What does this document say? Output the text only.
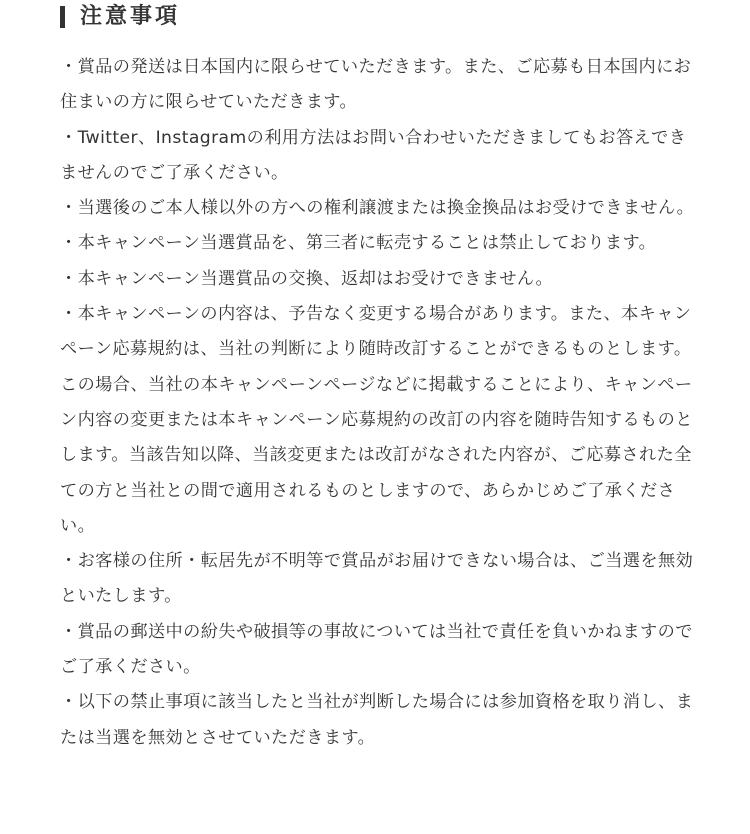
注意事項
・賞品の発送は日本国内に限らせていただきます。また、ご応募も日本国内にお住まいの方に限らせていただきます。
・Twitter、Instagramの利用方法はお問い合わせいただきましてもお答えできませんのでご了承ください。
・当選後のご本人様以外の方への権利譲渡または換金換品はお受けできません。
・本キャンペーン当選賞品を、第三者に転売することは禁止しております。
・本キャンペーン当選賞品の交換、返却はお受けできません。
・本キャンペーンの内容は、予告なく変更する場合があります。また、本キャンペーン応募規約は、当社の判断により随時改訂することができるものとします。この場合、当社の本キャンペーンページなどに掲載することにより、キャンペーン内容の変更または本キャンペーン応募規約の改訂の内容を随時告知するものとします。当該告知以降、当該変更または改訂がなされた内容が、ご応募された全ての方と当社との間で適用されるものとしますので、あらかじめご了承ください。
・お客様の住所・転居先が不明等で賞品がお届けできない場合は、ご当選を無効といたします。
・賞品の郵送中の紛失や破損等の事故については当社で責任を負いかねますのでご了承ください。
・以下の禁止事項に該当したと当社が判断した場合には参加資格を取り消し、または当選を無効とさせていただきます。
